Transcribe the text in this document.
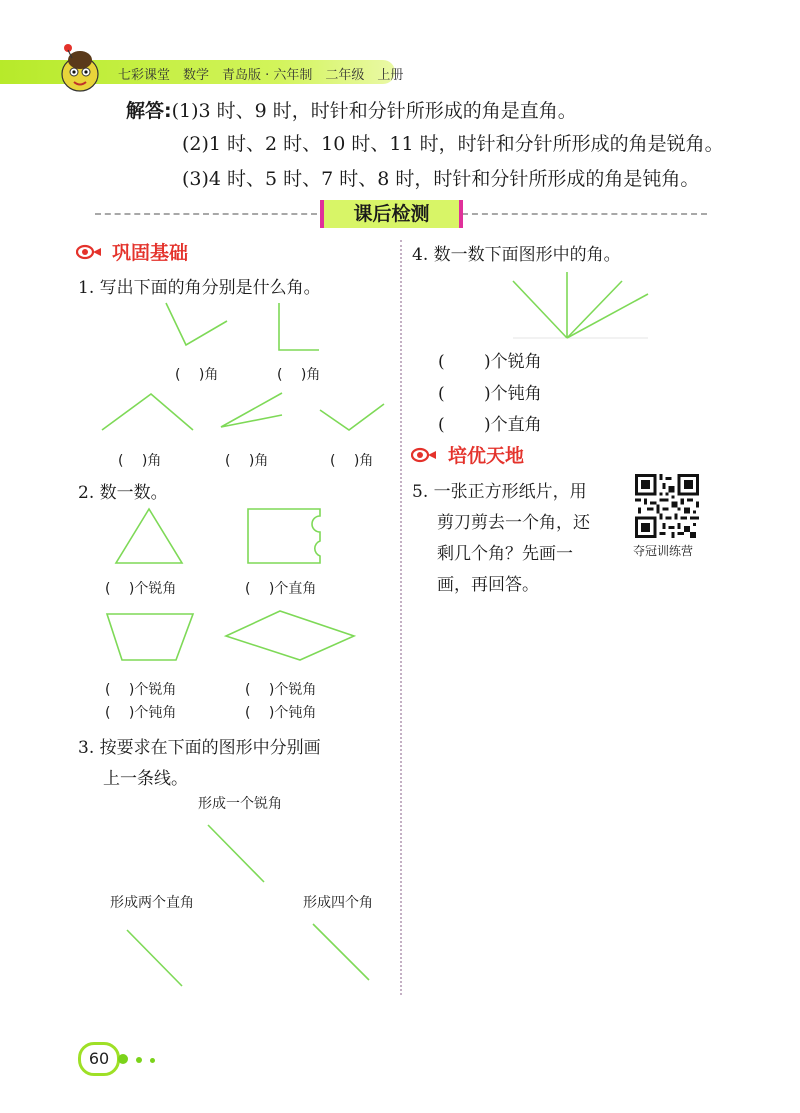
七彩课堂　数学　青岛版 · 六年制　二年级　上册
解答:(1)3 时、9 时，时针和分针所形成的角是直角。
(2)1 时、2 时、10 时、11 时，时针和分针所形成的角是锐角。
(3)4 时、5 时、7 时、8 时，时针和分针所形成的角是钝角。
课后检测
巩固基础
1. 写出下面的角分别是什么角。
(　 )角	(　 )角
(　 )角	(　 )角	(　 )角
2. 数一数。
(　 )个锐角	(　 )个直角
(　 )个锐角
(　 )个钝角
(　 )个锐角
(　 )个钝角
3. 按要求在下面的图形中分别画
上一条线。
形成一个锐角
形成两个直角	形成四个角
4. 数一数下面图形中的角。
(　　 )个锐角
(　　 )个钝角
(　　 )个直角
培优天地
5. 一张正方形纸片，用
剪刀剪去一个角，还
剩几个角？先画一
画，再回答。
夺冠训练营
60
